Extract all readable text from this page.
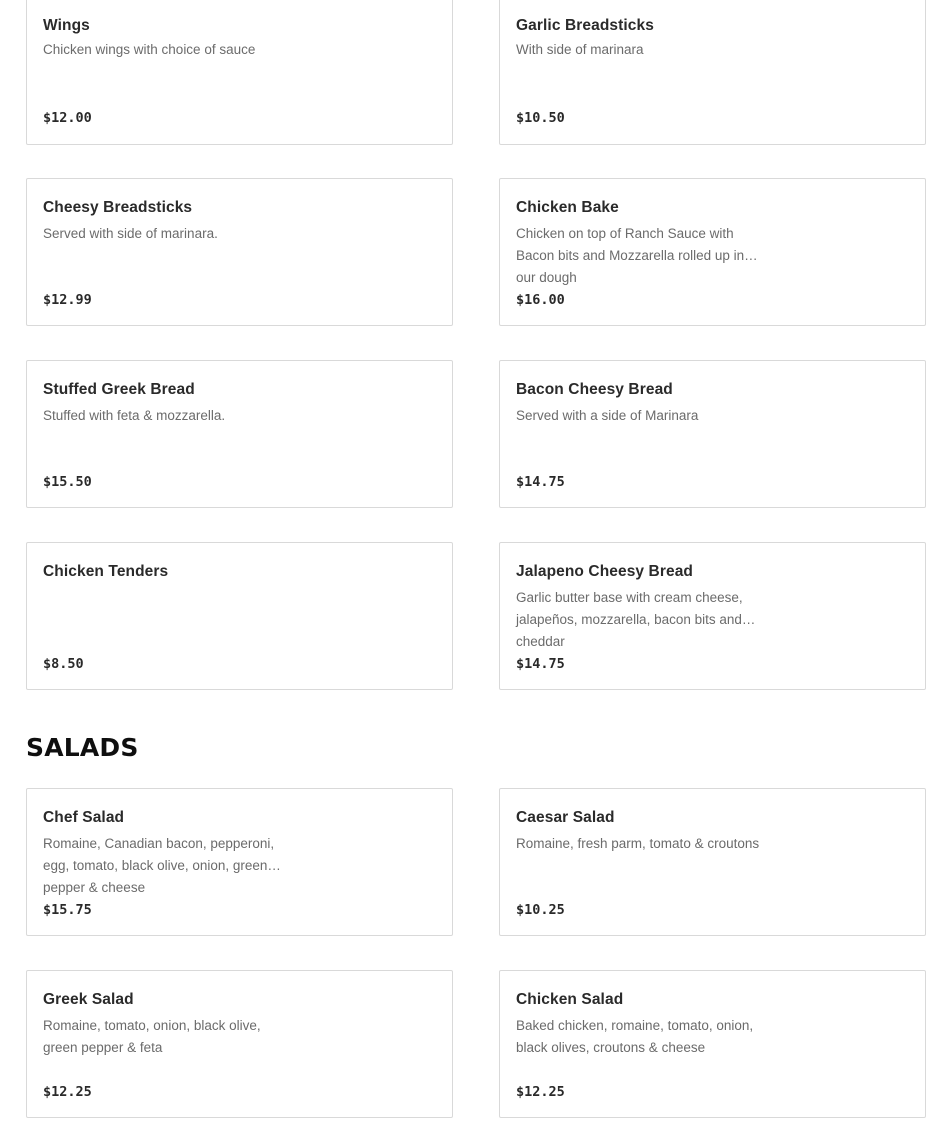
Wings
Chicken wings with choice of sauce
$12.00
Garlic Breadsticks
With side of marinara
$10.50
Cheesy Breadsticks
Served with side of marinara.
$12.99
Chicken Bake
Chicken on top of Ranch Sauce with Bacon bits and Mozzarella rolled up in our dough
$16.00
Stuffed Greek Bread
Stuffed with feta & mozzarella.
$15.50
Bacon Cheesy Bread
Served with a side of Marinara
$14.75
Chicken Tenders
$8.50
Jalapeno Cheesy Bread
Garlic butter base with cream cheese, jalapeños, mozzarella, bacon bits and cheddar
$14.75
SALADS
Chef Salad
Romaine, Canadian bacon, pepperoni, egg, tomato, black olive, onion, green pepper & cheese
$15.75
Caesar Salad
Romaine, fresh parm, tomato & croutons
$10.25
Greek Salad
Romaine, tomato, onion, black olive, green pepper & feta
$12.25
Chicken Salad
Baked chicken, romaine, tomato, onion, black olives, croutons & cheese
$12.25
